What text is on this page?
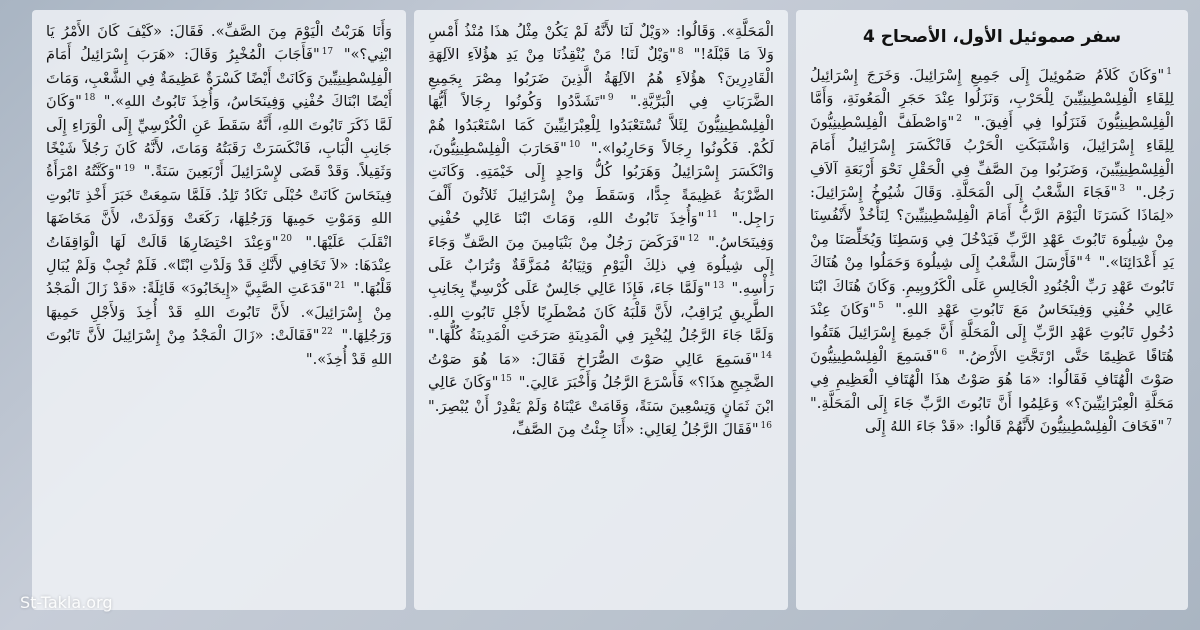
سفر صموئيل الأول، الأصحاح 4
$^1$"وَكَانَ كَلاَمُ صَمُوئِيلَ إِلَى جَمِيعِ إِسْرَائِيلَ. وَخَرَجَ إِسْرَائِيلُ لِلِقَاءِ الْفِلِسْطِينِيِّينَ لِلْحَرْبِ، وَنَزَلُوا عِنْدَ حَجَرِ الْمَعُونَةِ، وَأَمَّا الْفِلِسْطِينِيُّونَ فَنَزَلُوا فِي أَفِيقَ." $^2$"وَاصْطَفَّ الْفِلِسْطِينِيُّونَ لِلِقَاءِ إِسْرَائِيلَ، وَاشْتَبَكَتِ الْحَرْبُ فَانْكَسَرَ إِسْرَائِيلُ أَمَامَ الْفِلِسْطِينِيِّينَ، وَضَرَبُوا مِنَ الصَّفِّ فِي الْحَقْلِ نَحْوَ أَرْبَعَةِ آلاَفِ رَجُل." $^3$"فَجَاءَ الشَّعْبُ إِلَى الْمَحَلَّةِ. وَقَالَ شُيُوخُ إِسْرَائِيلَ: «لِمَاذَا كَسَرَنَا الْيَوْمَ الرَّبُّ أَمَامَ الْفِلِسْطِينِيِّينَ؟ لِنَأْخُذْ لأَنْفُسِنَا مِنْ شِيلُوهَ تَابُوتَ عَهْدِ الرَّبِّ فَيَدْخُلَ فِي وَسَطِنَا وَيُخَلِّصَنَا مِنْ يَدِ أَعْدَائِنَا»." $^4$"فَأَرْسَلَ الشَّعْبُ إِلَى شِيلُوهَ وَحَمَلُوا مِنْ هُنَاكَ تَابُوتَ عَهْدِ رَبِّ الْجُنُودِ الْجَالِسِ عَلَى الْكَرُوبِيمِ. وَكَانَ هُنَاكَ ابْنَا عَالِي حُفْنِي وَفِينَحَاسُ مَعَ تَابُوتِ عَهْدِ اللهِ." $^5$"وَكَانَ عِنْدَ دُخُولِ تَابُوتِ عَهْدِ الرَّبِّ إِلَى الْمَحَلَّةِ أَنَّ جَمِيعَ إِسْرَائِيلَ هَتَفُوا هُتَافًا عَظِيمًا حَتَّى ارْتَجَّتِ الأَرْضُ." $^6$"فَسَمِعَ الْفِلِسْطِينِيُّونَ صَوْتَ الْهُتَافِ فَقَالُوا: «مَا هُوَ صَوْتُ هذَا الْهُتَافِ الْعَظِيمِ فِي مَحَلَّةِ الْعِبْرَانِيِّينَ؟» وَعَلِمُوا أَنَّ تَابُوتَ الرَّبِّ جَاءَ إِلَى الْمَحَلَّةِ." $^7$"فَخَافَ الْفِلِسْطِينِيُّونَ لأَنَّهُمْ قَالُوا: «قَدْ جَاءَ اللهُ إِلَى
الْمَحَلَّةِ». وَقَالُوا: «وَيْلٌ لَنَا لأَنَّهُ لَمْ يَكُنْ مِثْلُ هذَا مُنْذُ أَمْسِ وَلاَ مَا قَبْلَهُ!" $^8$"وَيْلٌ لَنَا! مَنْ يُنْقِذُنَا مِنْ يَدِ هؤُلاَءِ الآلِهَةِ الْقَادِرِينَ؟ هؤُلاَءِ هُمُ الآلِهَةُ الَّذِينَ ضَرَبُوا مِصْرَ بِجَمِيعِ الضَّرَبَاتِ فِي الْبَرِّيَّةِ." $^9$"تَشَدَّدُوا وَكُونُوا رِجَالاً أَيُّهَا الْفِلِسْطِينِيُّونَ لِئَلاَّ تُسْتَعْبَدُوا لِلْعِبْرَانِيِّينَ كَمَا اسْتَعْبَدُوا هُمْ لَكُمْ. فَكُونُوا رِجَالاً وَحَارِبُوا»." $^{10}$"فَحَارَبَ الْفِلِسْطِينِيُّونَ، وَانْكَسَرَ إِسْرَائِيلُ وَهَرَبُوا كُلُّ وَاحِدٍ إِلَى خَيْمَتِهِ. وَكَانَتِ الضَّرْبَةُ عَظِيمَةً جِدًّا، وَسَقَطَ مِنْ إِسْرَائِيلَ ثَلاَثُونَ أَلْفَ رَاجِل." $^{11}$"وَأُخِذَ تَابُوتُ اللهِ، وَمَاتَ ابْنَا عَالِي حُفْنِي وَفِينَحَاسُ." $^{12}$"فَرَكَضَ رَجُلٌ مِنْ بَنْيَامِينَ مِنَ الصَّفِّ وَجَاءَ إِلَى شِيلُوهَ فِي ذلِكَ الْيَوْمِ وَثِيَابُهُ مُمَزَّقَةٌ وَتُرَابٌ عَلَى رَأْسِهِ." $^{13}$"وَلَمَّا جَاءَ، فَإِذَا عَالِي جَالِسٌ عَلَى كُرْسِيٍّ بِجَانِبِ الطَّرِيقِ يُرَاقِبُ، لأَنَّ قَلْبَهُ كَانَ مُضْطَرِبًا لأَجْلِ تَابُوتِ اللهِ. وَلَمَّا جَاءَ الرَّجُلُ لِيُخْبِرَ فِي الْمَدِينَةِ صَرَخَتِ الْمَدِينَةُ كُلُّهَا." $^{14}$"فَسَمِعَ عَالِي صَوْتَ الصُّرَاخِ فَقَالَ: «مَا هُوَ صَوْتُ الضَّجِيجِ هذَا؟» فَأَسْرَعَ الرَّجُلُ وَأَخْبَرَ عَالِيَ." $^{15}$"وَكَانَ عَالِي ابْنَ ثَمَانٍ وَتِسْعِينَ سَنَةً، وَقَامَتْ عَيْنَاهُ وَلَمْ يَقْدِرْ أَنْ يُبْصِرَ." $^{16}$"فَقَالَ الرَّجُلُ لِعَالِي: «أَنَا جِئْتُ مِنَ الصَّفِّ،
وَأَنَا هَرَبْتُ الْيَوْمَ مِنَ الصَّفِّ». فَقَالَ: «كَيْفَ كَانَ الأَمْرُ يَا ابْنِي؟»" $^{17}$"فَأَجَابَ الْمُخْبِرُ وَقَالَ: «هَرَبَ إِسْرَائِيلُ أَمَامَ الْفِلِسْطِينِيِّينَ وَكَانَتْ أَيْضًا كَسْرَةٌ عَظِيمَةٌ فِي الشَّعْبِ، وَمَاتَ أَيْضًا ابْنَاكَ حُفْنِي وَفِينَحَاسُ، وَأُخِذَ تَابُوتُ اللهِ»." $^{18}$"وَكَانَ لَمَّا ذَكَرَ تَابُوتَ اللهِ، أَنَّهُ سَقَطَ عَنِ الْكُرْسِيِّ إِلَى الْوَرَاءِ إِلَى جَانِبِ الْبَابِ، فَانْكَسَرَتْ رَقَبَتُهُ وَمَاتَ، لأَنَّهُ كَانَ رَجُلاً شَيْخًا وَثَقِيلاً. وَقَدْ قَضَى لإِسْرَائِيلَ أَرْبَعِينَ سَنَةً." $^{19}$"وَكَنَّتُهُ امْرَأَةُ فِينَحَاسَ كَانَتْ حُبْلَى تَكَادُ تَلِدُ. فَلَمَّا سَمِعَتْ خَبَرَ أَخْذِ تَابُوتِ اللهِ وَمَوْتِ حَمِيهَا وَرَجُلِهَا، رَكَعَتْ وَوَلَدَتْ، لأَنَّ مَخَاضَهَا انْقَلَبَ عَلَيْهَا." $^{20}$"وَعِنْدَ احْتِضَارِهَا قَالَتْ لَهَا الْوَاقِفَاتُ عِنْدَهَا: «لاَ تَخَافِي لأَنَّكِ قَدْ وَلَدْتِ ابْنًا». فَلَمْ تُجِبْ وَلَمْ يُبَالِ قَلْبُهَا." $^{21}$"فَدَعَتِ الصَّبِيَّ «إِيخَابُودَ» قَائِلَةً: «قَدْ زَالَ الْمَجْدُ مِنْ إِسْرَائِيلَ». لأَنَّ تَابُوتَ اللهِ قَدْ أُخِذَ وَلأَجْلِ حَمِيهَا وَرَجُلِهَا." $^{22}$"فَقَالَتْ: «زَالَ الْمَجْدُ مِنْ إِسْرَائِيلَ لأَنَّ تَابُوتَ اللهِ قَدْ أُخِذَ»."
St-Takla.org
